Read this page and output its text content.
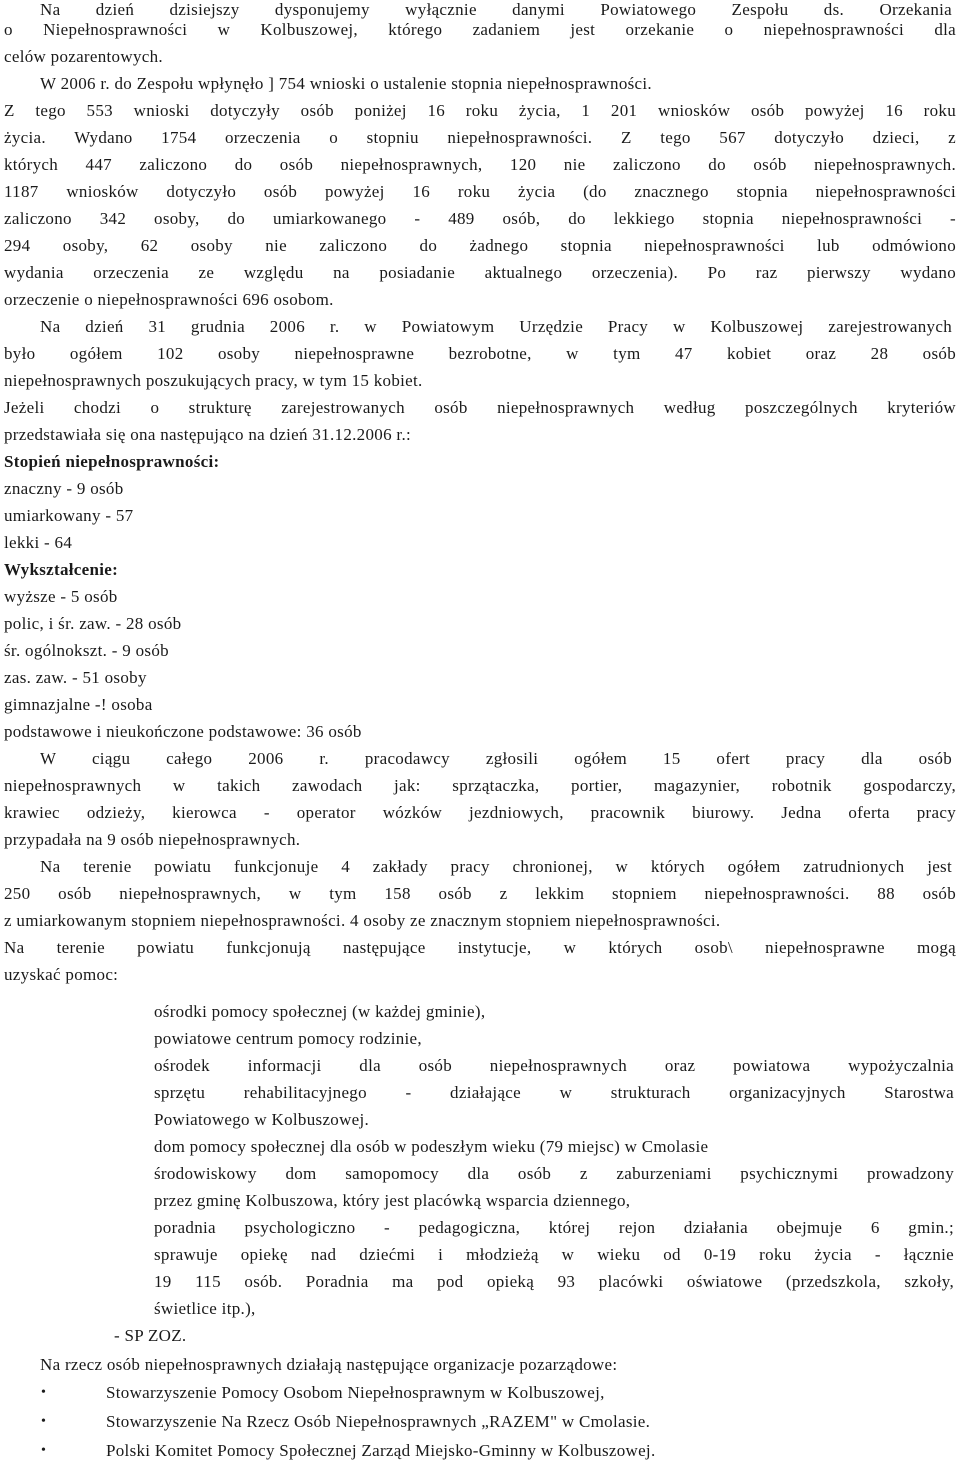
Na dzień dzisiejszy dysponujemy wyłącznie danymi Powiatowego Zespołu ds. Orzekania
o Niepełnosprawności w Kolbuszowej, którego zadaniem jest orzekanie o niepełnosprawności dla
celów pozarentowych.
W 2006 r. do Zespołu wpłynęło ] 754 wnioski o ustalenie stopnia niepełnosprawności.
Z tego 553 wnioski dotyczyły osób poniżej 16 roku życia, 1 201 wniosków osób powyżej 16 roku
życia. Wydano 1754 orzeczenia o stopniu niepełnosprawności. Z tego 567 dotyczyło dzieci, z
których 447 zaliczono do osób niepełnosprawnych, 120 nie zaliczono do osób niepełnosprawnych.
1187 wniosków dotyczyło osób powyżej 16 roku życia (do znacznego stopnia niepełnosprawności
zaliczono 342 osoby, do umiarkowanego - 489 osób, do lekkiego stopnia niepełnosprawności -
294 osoby, 62 osoby nie zaliczono do żadnego stopnia niepełnosprawności lub odmówiono
wydania orzeczenia ze względu na posiadanie aktualnego orzeczenia). Po raz pierwszy wydano
orzeczenie o niepełnosprawności 696 osobom.
Na dzień 31 grudnia 2006 r. w Powiatowym Urzędzie Pracy w Kolbuszowej zarejestrowanych
było ogółem 102 osoby niepełnosprawne bezrobotne, w tym 47 kobiet oraz 28 osób
niepełnosprawnych poszukujących pracy, w tym 15 kobiet.
Jeżeli chodzi o strukturę zarejestrowanych osób niepełnosprawnych według poszczególnych kryteriów
przedstawiała się ona następująco na dzień 31.12.2006 r.:
Stopień niepełnosprawności:
znaczny - 9 osób
umiarkowany - 57
lekki - 64
Wykształcenie:
wyższe - 5 osób
polic, i śr. zaw. - 28 osób
śr. ogólnokszt. - 9 osób
zas. zaw. - 51 osoby
gimnazjalne -! osoba
podstawowe i nieukończone podstawowe: 36 osób
W ciągu całego 2006 r. pracodawcy zgłosili ogółem 15 ofert pracy dla osób
niepełnosprawnych w takich zawodach jak: sprzątaczka, portier, magazynier, robotnik gospodarczy,
krawiec odzieży, kierowca - operator wózków jezdniowych, pracownik biurowy. Jedna oferta pracy
przypadała na 9 osób niepełnosprawnych.
Na terenie powiatu funkcjonuje 4 zakłady pracy chronionej, w których ogółem zatrudnionych jest
250 osób niepełnosprawnych, w tym 158 osób z lekkim stopniem niepełnosprawności. 88 osób
z umiarkowanym stopniem niepełnosprawności. 4 osoby ze znacznym stopniem niepełnosprawności.
Na terenie powiatu funkcjonują następujące instytucje, w których osob\ niepełnosprawne mogą
uzyskać pomoc:
ośrodki pomocy społecznej (w każdej gminie),
powiatowe centrum pomocy rodzinie,
ośrodek informacji dla osób niepełnosprawnych oraz powiatowa wypożyczalnia
sprzętu rehabilitacyjnego - działające w strukturach organizacyjnych Starostwa
Powiatowego w Kolbuszowej.
dom pomocy społecznej dla osób w podeszłym wieku (79 miejsc) w Cmolasie
środowiskowy dom samopomocy dla osób z zaburzeniami psychicznymi prowadzony
przez gminę Kolbuszowa, który jest placówką wsparcia dziennego,
poradnia psychologiczno - pedagogiczna, której rejon działania obejmuje 6 gmin.;
sprawuje opiekę nad dziećmi i młodzieżą w wieku od 0-19 roku życia - łącznie
19 115 osób. Poradnia ma pod opieką 93 placówki oświatowe (przedszkola, szkoły,
świetlice itp.),
- SP ZOZ.
Na rzecz osób niepełnosprawnych działają następujące organizacje pozarządowe:
•	Stowarzyszenie Pomocy Osobom Niepełnosprawnym w Kolbuszowej,
•	Stowarzyszenie Na Rzecz Osób Niepełnosprawnych „RAZEM" w Cmolasie.
•	Polski Komitet Pomocy Społecznej Zarząd Miejsko-Gminny w Kolbuszowej.
